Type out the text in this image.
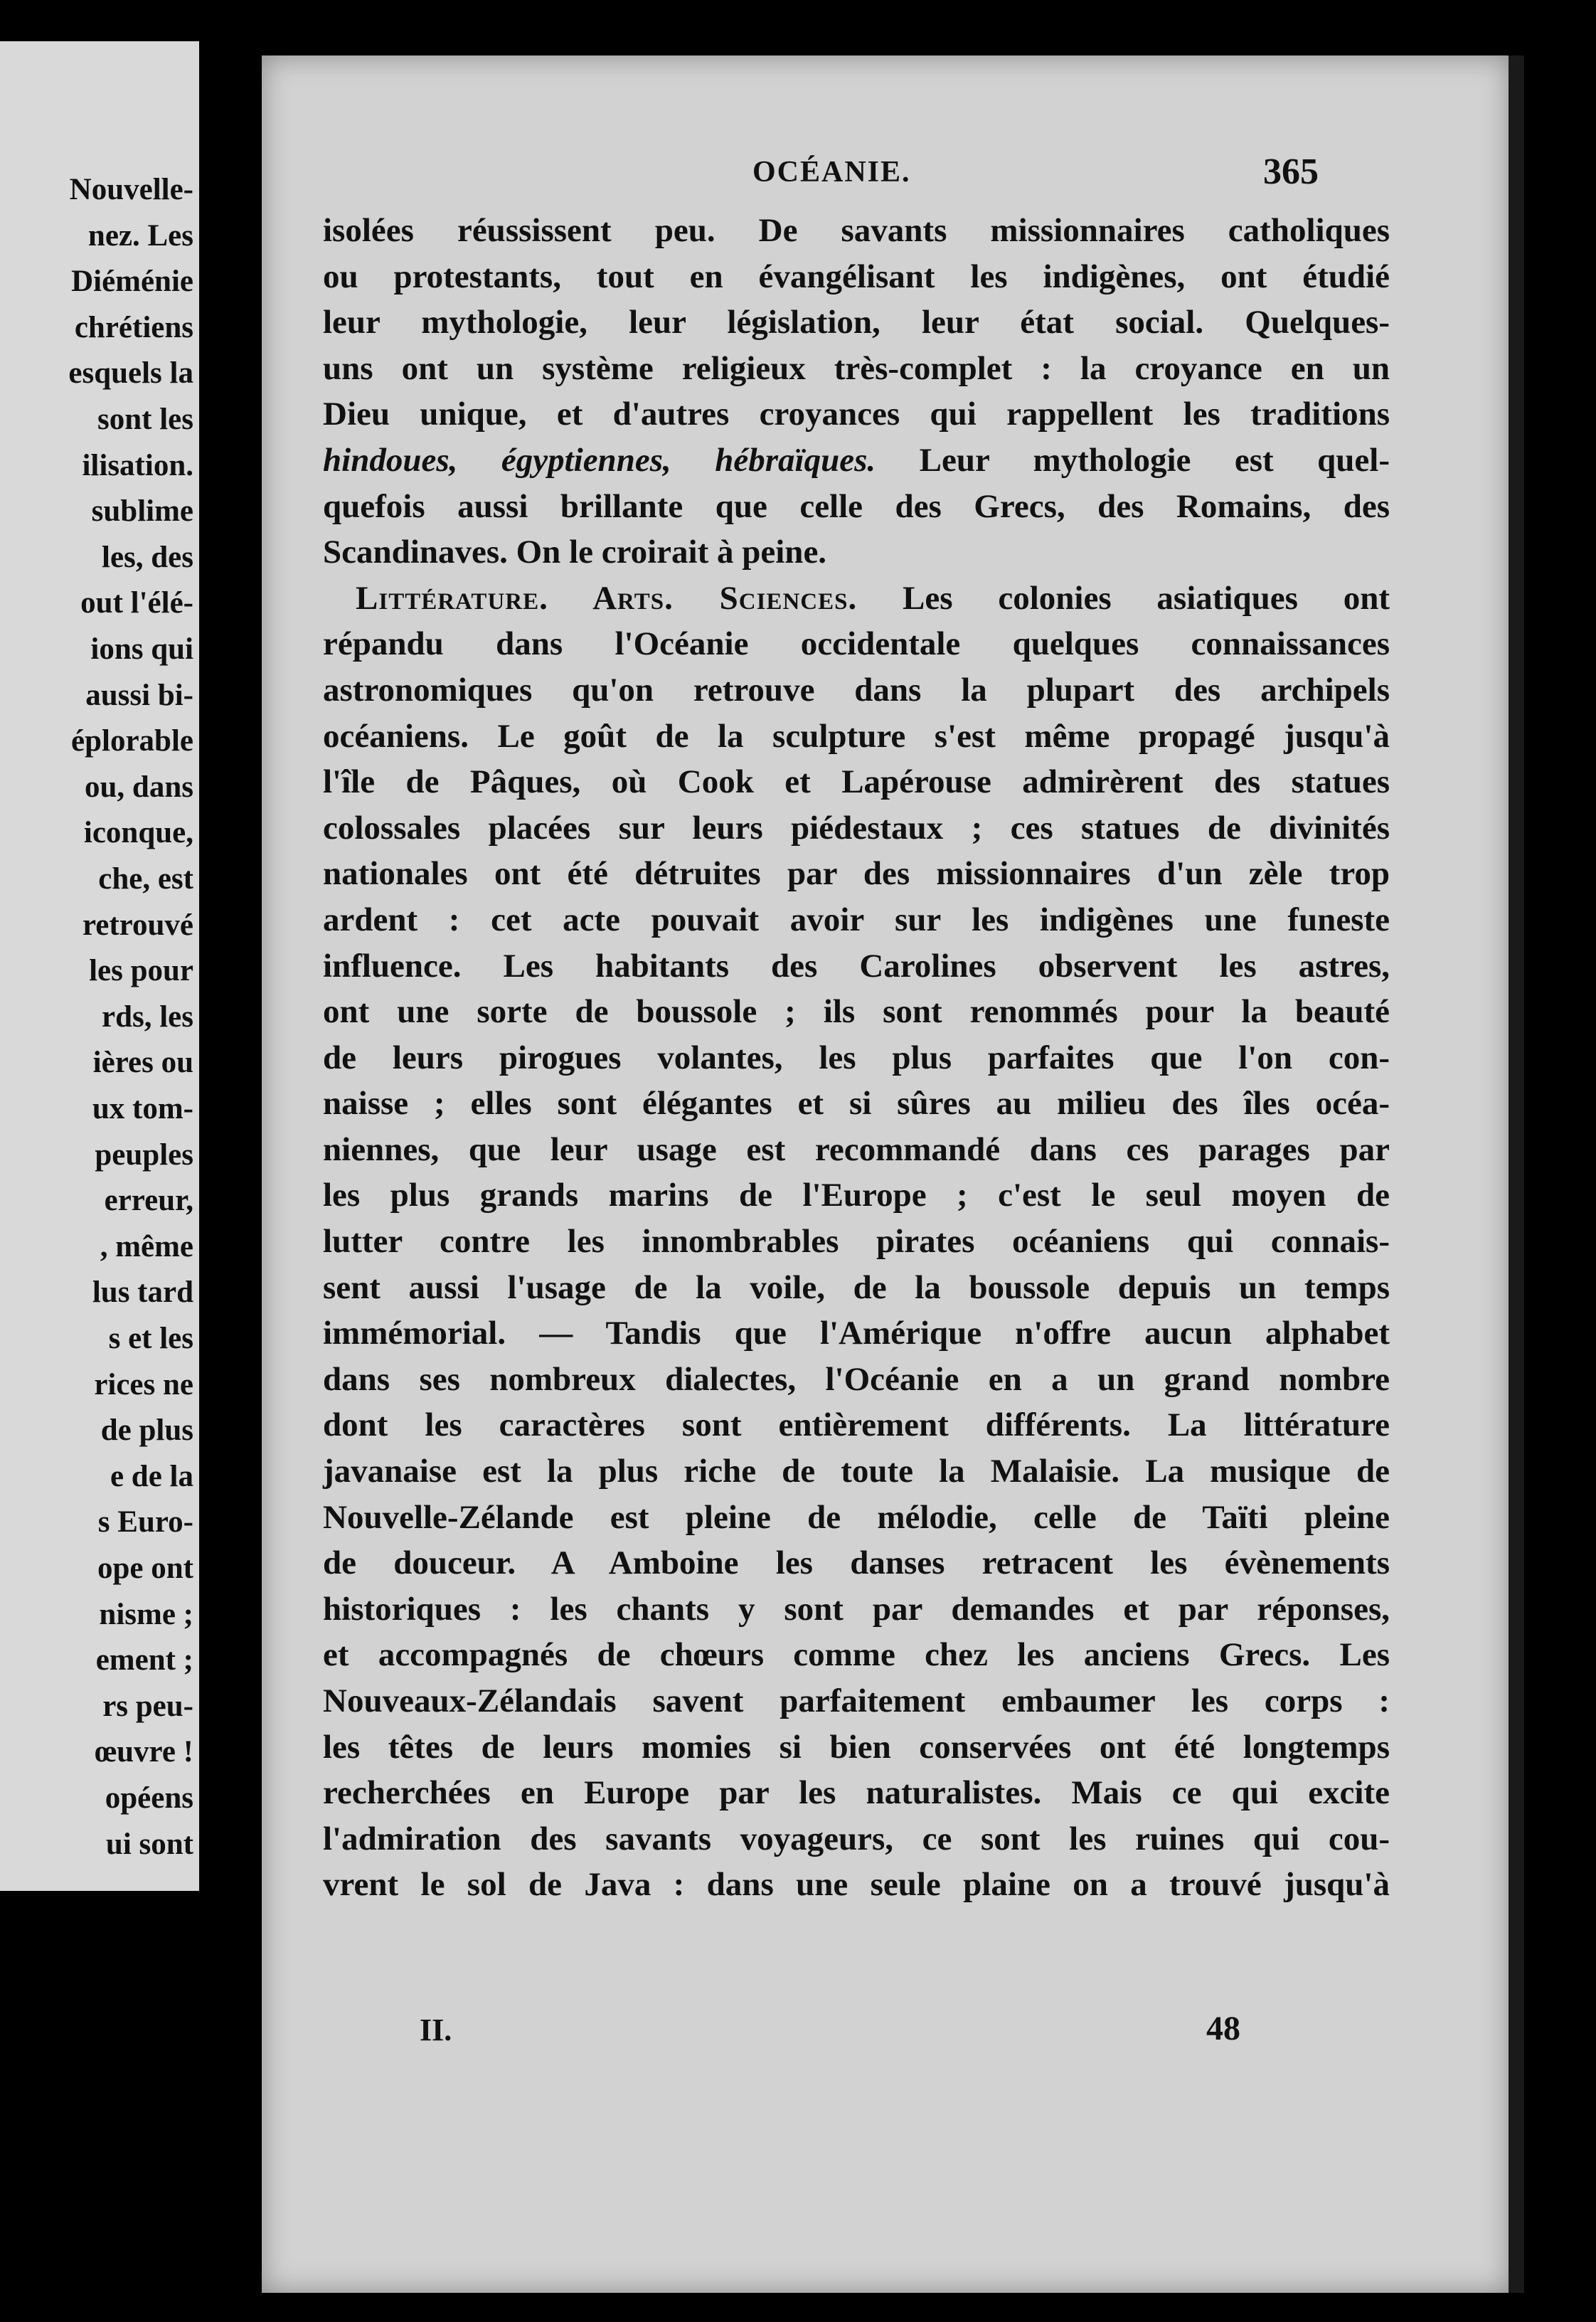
Nouvelle-
nez. Les
Diéménie
chrétiens
esquels la
sont les
ilisation.
sublime
les, des
out l'élé-
ions qui
aussi bi-
éplorable
ou, dans
iconque,
che, est
retrouvé
les pour
rds, les
ières ou
ux tom-
peuples
erreur,
, même
lus tard
s et les
rices ne
de plus
e de la
s Euro-
ope ont
nisme ;
ement ;
rs peu-
œuvre !
opéens
ui sont
OCÉANIE.	365
isolées réussissent peu. De savants missionnaires catholiques
ou protestants, tout en évangélisant les indigènes, ont étudié
leur mythologie, leur législation, leur état social. Quelques-
uns ont un système religieux très-complet : la croyance en un
Dieu unique, et d'autres croyances qui rappellent les traditions
hindoues, égyptiennes, hébraïques. Leur mythologie est quel-
quefois aussi brillante que celle des Grecs, des Romains, des
Scandinaves. On le croirait à peine.
Littérature. Arts. Sciences. Les colonies asiatiques ont
répandu dans l'Océanie occidentale quelques connaissances
astronomiques qu'on retrouve dans la plupart des archipels
océaniens. Le goût de la sculpture s'est même propagé jusqu'à
l'île de Pâques, où Cook et Lapérouse admirèrent des statues
colossales placées sur leurs piédestaux ; ces statues de divinités
nationales ont été détruites par des missionnaires d'un zèle trop
ardent : cet acte pouvait avoir sur les indigènes une funeste
influence. Les habitants des Carolines observent les astres,
ont une sorte de boussole ; ils sont renommés pour la beauté
de leurs pirogues volantes, les plus parfaites que l'on con-
naisse ; elles sont élégantes et si sûres au milieu des îles océa-
niennes, que leur usage est recommandé dans ces parages par
les plus grands marins de l'Europe ; c'est le seul moyen de
lutter contre les innombrables pirates océaniens qui connais-
sent aussi l'usage de la voile, de la boussole depuis un temps
immémorial. — Tandis que l'Amérique n'offre aucun alphabet
dans ses nombreux dialectes, l'Océanie en a un grand nombre
dont les caractères sont entièrement différents. La littérature
javanaise est la plus riche de toute la Malaisie. La musique de
Nouvelle-Zélande est pleine de mélodie, celle de Taïti pleine
de douceur. A Amboine les danses retracent les évènements
historiques : les chants y sont par demandes et par réponses,
et accompagnés de chœurs comme chez les anciens Grecs. Les
Nouveaux-Zélandais savent parfaitement embaumer les corps :
les têtes de leurs momies si bien conservées ont été longtemps
recherchées en Europe par les naturalistes. Mais ce qui excite
l'admiration des savants voyageurs, ce sont les ruines qui cou-
vrent le sol de Java : dans une seule plaine on a trouvé jusqu'à
II.	48
